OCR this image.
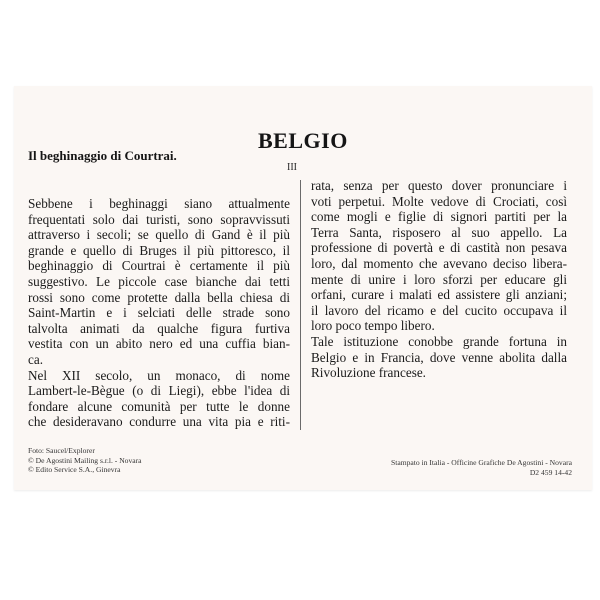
Il beghinaggio di Courtrai.
BELGIO
III
Sebbene i beghinaggi siano attualmente
frequentati solo dai turisti, sono sopravvissuti
attraverso i secoli; se quello di Gand è il più
grande e quello di Bruges il più pittoresco, il
beghinaggio di Courtrai è certamente il più
suggestivo. Le piccole case bianche dai tetti
rossi sono come protette dalla bella chiesa di
Saint-Martin e i selciati delle strade sono
talvolta animati da qualche figura furtiva
vestita con un abito nero ed una cuffia bian-
ca.
Nel XII secolo, un monaco, di nome
Lambert-le-Bègue (o di Liegi), ebbe l'idea di
fondare alcune comunità per tutte le donne
che desideravano condurre una vita pia e riti-
rata, senza per questo dover pronunciare i
voti perpetui. Molte vedove di Crociati, così
come mogli e figlie di signori partiti per la
Terra Santa, risposero al suo appello. La
professione di povertà e di castità non pesava
loro, dal momento che avevano deciso libera-
mente di unire i loro sforzi per educare gli
orfani, curare i malati ed assistere gli anziani;
il lavoro del ricamo e del cucito occupava il
loro poco tempo libero.
Tale istituzione conobbe grande fortuna in
Belgio e in Francia, dove venne abolita dalla
Rivoluzione francese.
Foto: Saucel/Explorer
© De Agostini Mailing s.r.l. - Novara
© Edito Service S.A., Ginevra
Stampato in Italia - Officine Grafiche De Agostini - Novara
D2 459 14-42
